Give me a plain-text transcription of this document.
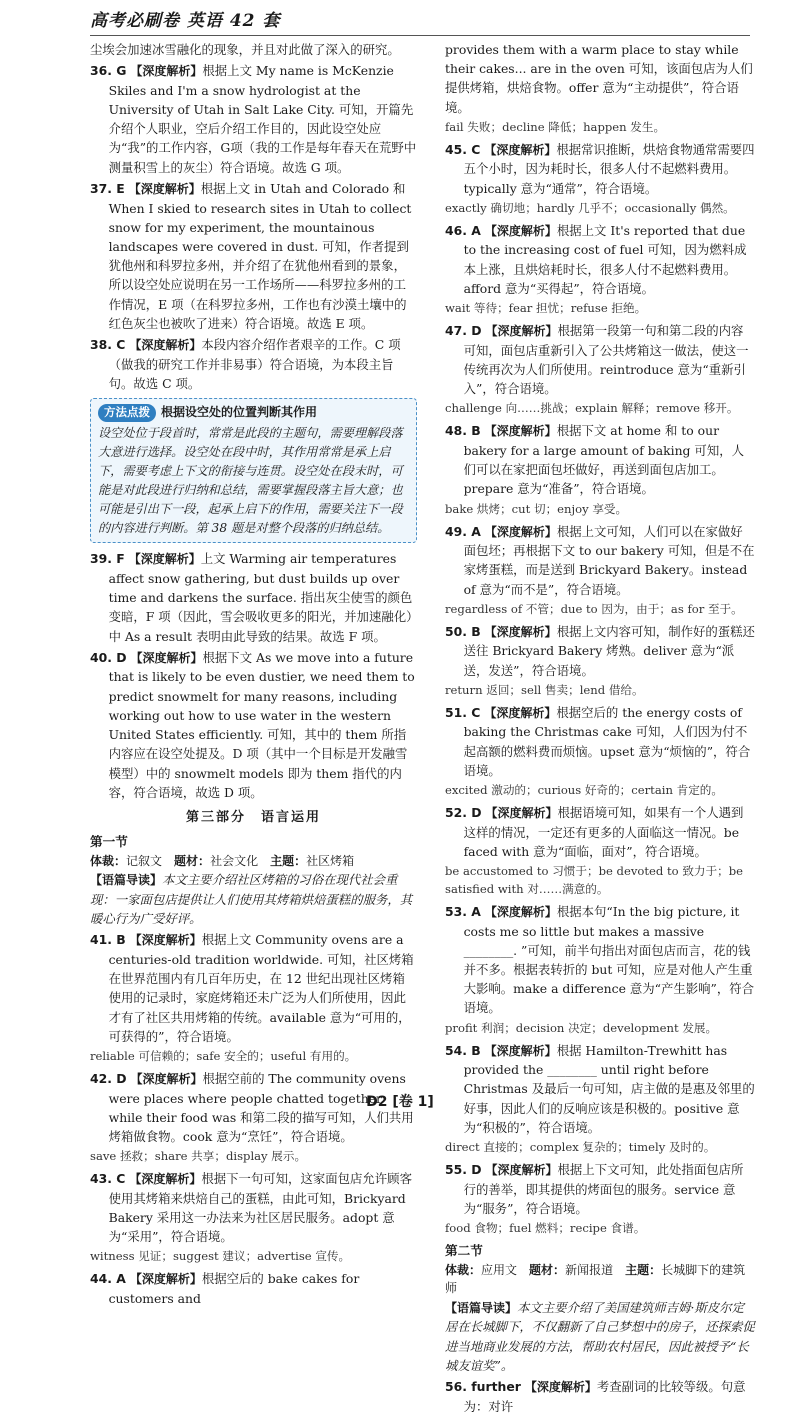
高考必刷卷 英语 42 套

尘埃会加速冰雪融化的现象，并且对此做了深入的研究。

36. G 【深度解析】根据上文 My name is McKenzie Skiles and I'm a snow hydrologist at the University of Utah in Salt Lake City. 可知，开篇先介绍个人职业，空后介绍工作目的，因此设空处应为“我”的工作内容，G项（我的工作是每年春天在荒野中测量积雪上的灰尘）符合语境。故选 G 项。

37. E 【深度解析】根据上文 in Utah and Colorado 和 When I skied to research sites in Utah to collect snow for my experiment, the mountainous landscapes were covered in dust. 可知，作者提到犹他州和科罗拉多州，并介绍了在犹他州看到的景象，所以设空处应说明在另一工作场所——科罗拉多州的工作情况，E 项（在科罗拉多州，工作也有沙漠土壤中的红色灰尘也被吹了进来）符合语境。故选 E 项。

38. C 【深度解析】本段内容介绍作者艰辛的工作。C 项（做我的研究工作并非易事）符合语境，为本段主旨句。故选 C 项。

方法点拨 根据设空处的位置判断其作用
设空处位于段首时，常常是此段的主题句，需要理解段落大意进行选择。设空处在段中时，其作用常常是承上启下，需要考虑上下文的衔接与连贯。设空处在段末时，可能是对此段进行归纳和总结，需要掌握段落主旨大意；也可能是引出下一段，起承上启下的作用，需要关注下一段的内容进行判断。第 38 题是对整个段落的归纳总结。

39. F 【深度解析】上文 Warming air temperatures affect snow gathering, but dust builds up over time and darkens the surface. 指出灰尘使雪的颜色变暗，F 项（因此，雪会吸收更多的阳光，并加速融化）中 As a result 表明由此导致的结果。故选 F 项。

40. D 【深度解析】根据下文 As we move into a future that is likely to be even dustier, we need them to predict snowmelt for many reasons, including working out how to use water in the western United States efficiently. 可知，其中的 them 所指内容应在设空处提及。D 项（其中一个目标是开发融雪模型）中的 snowmelt models 即为 them 指代的内容，符合语境，故选 D 项。

第三部分　语言运用
第一节
体裁：记叙文　 题材：社会文化　 主题：社区烤箱

【语篇导读】本文主要介绍社区烤箱的习俗在现代社会重现：一家面包店提供让人们使用其烤箱烘焙蛋糕的服务，其暖心行为广受好评。

41. B 【深度解析】根据上文 Community ovens are a centuries-old tradition worldwide. 可知，社区烤箱在世界范围内有几百年历史，在 12 世纪出现社区烤箱使用的记录时，家庭烤箱还未广泛为人们所使用，因此才有了社区共用烤箱的传统。available 意为“可用的，可获得的”，符合语境。

reliable 可信赖的；safe 安全的；useful 有用的。

42. D 【深度解析】根据空前的 The community ovens were places where people chatted together while their food was 和第二段的描写可知，人们共用烤箱做食物。cook 意为“烹饪”，符合语境。

save 拯救；share 共享；display 展示。

43. C 【深度解析】根据下一句可知，这家面包店允许顾客使用其烤箱来烘焙自己的蛋糕，由此可知，Brickyard Bakery 采用这一办法来为社区居民服务。adopt 意为“采用”，符合语境。

witness 见证；suggest 建议；advertise 宣传。

44. A 【深度解析】根据空后的 bake cakes for customers and

provides them with a warm place to stay while their cakes... are in the oven 可知，该面包店为人们提供烤箱，烘焙食物。offer 意为“主动提供”，符合语境。

fail 失败；decline 降低；happen 发生。

45. C 【深度解析】根据常识推断，烘焙食物通常需要四五个小时，因为耗时长，很多人付不起燃料费用。typically 意为“通常”，符合语境。

exactly 确切地；hardly 几乎不；occasionally 偶然。

46. A 【深度解析】根据上文 It's reported that due to the increasing cost of fuel 可知，因为燃料成本上涨，且烘焙耗时长，很多人付不起燃料费用。afford 意为“买得起”，符合语境。

wait 等待；fear 担忧；refuse 拒绝。

47. D 【深度解析】根据第一段第一句和第二段的内容可知，面包店重新引入了公共烤箱这一做法，使这一传统再次为人们所使用。reintroduce 意为“重新引入”，符合语境。

challenge 向……挑战；explain 解释；remove 移开。

48. B 【深度解析】根据下文 at home 和 to our bakery for a large amount of baking 可知，人们可以在家把面包坯做好，再送到面包店加工。prepare 意为“准备”，符合语境。

bake 烘烤；cut 切；enjoy 享受。

49. A 【深度解析】根据上文可知，人们可以在家做好面包坯；再根据下文 to our bakery 可知，但是不在家烤蛋糕，而是送到 Brickyard Bakery。instead of 意为“而不是”，符合语境。

regardless of 不管；due to 因为，由于；as for 至于。

50. B 【深度解析】根据上文内容可知，制作好的蛋糕还送往 Brickyard Bakery 烤熟。deliver 意为“派送，发送”，符合语境。

return 返回；sell 售卖；lend 借给。

51. C 【深度解析】根据空后的 the energy costs of baking the Christmas cake 可知，人们因为付不起高额的燃料费而烦恼。upset 意为“烦恼的”，符合语境。

excited 激动的；curious 好奇的；certain 肯定的。

52. D 【深度解析】根据语境可知，如果有一个人遇到这样的情况，一定还有更多的人面临这一情况。be faced with 意为“面临，面对”，符合语境。

be accustomed to 习惯于；be devoted to 致力于；be satisfied with 对……满意的。

53. A 【深度解析】根据本句“In the big picture, it costs me so little but makes a massive ________. ”可知，前半句指出对面包店而言，花的钱并不多。根据表转折的 but 可知，应是对他人产生重大影响。make a difference 意为“产生影响”，符合语境。

profit 利润；decision 决定；development 发展。

54. B 【深度解析】根据 Hamilton-Trewhitt has provided the ________ until right before Christmas 及最后一句可知，店主做的是惠及邻里的好事，因此人们的反响应该是积极的。positive 意为“积极的”，符合语境。

direct 直接的；complex 复杂的；timely 及时的。

55. D 【深度解析】根据上下文可知，此处指面包店所行的善举，即其提供的烤面包的服务。service 意为“服务”，符合语境。

food 食物；fuel 燃料；recipe 食谱。

第二节
体裁：应用文　 题材：新闻报道　 主题：长城脚下的建筑师

【语篇导读】本文主要介绍了美国建筑师吉姆·斯皮尔定居在长城脚下，不仅翻新了自己梦想中的房子，还探索促进当地商业发展的方法，帮助农村居民，因此被授予“长城友谊奖”。

56. further 【深度解析】考查副词的比较等级。句意为：对许

D2 [卷 1]
